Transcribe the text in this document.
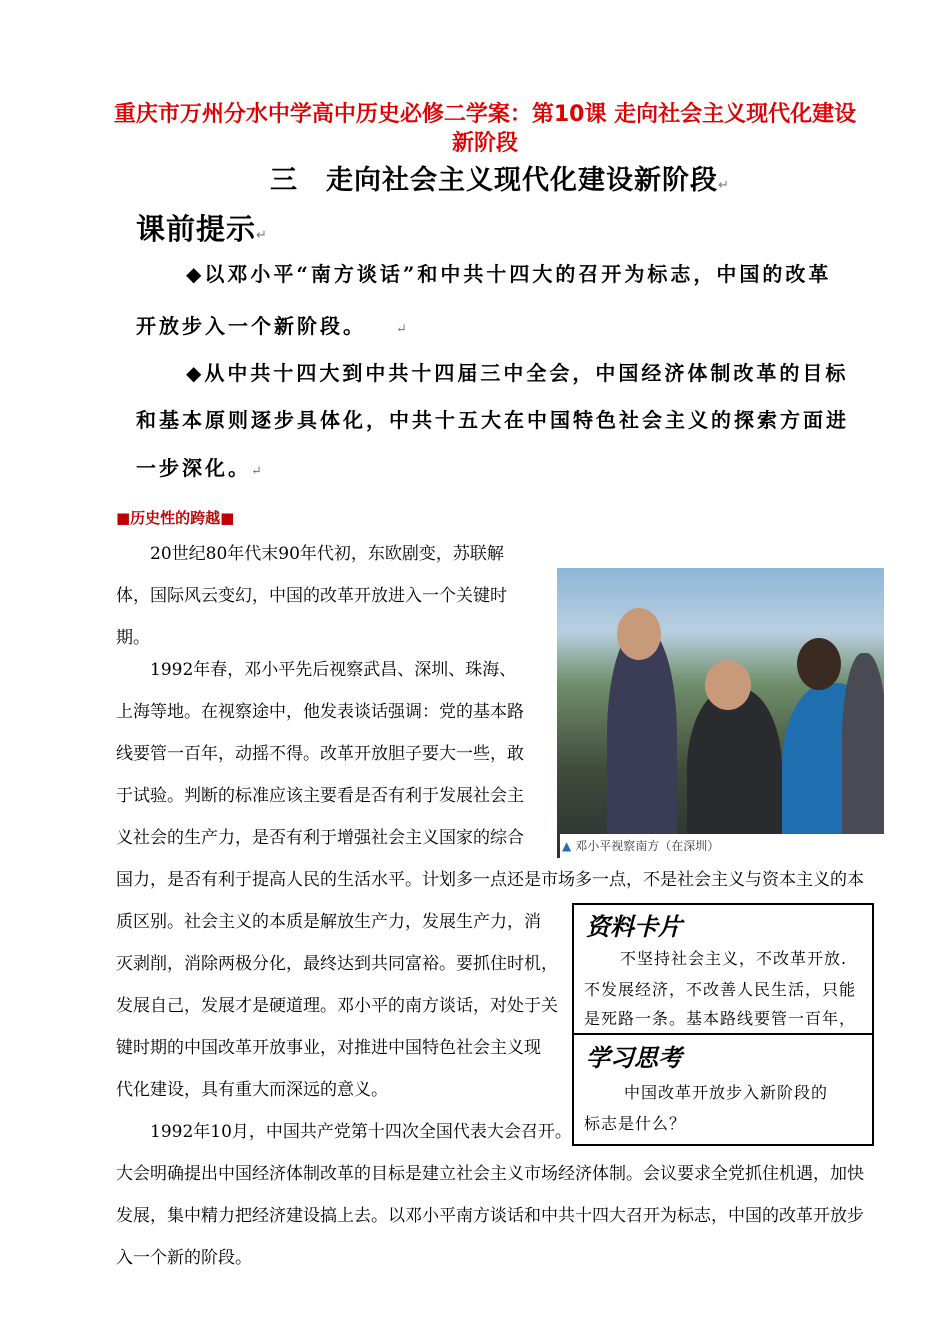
重庆市万州分水中学高中历史必修二学案：第10课 走向社会主义现代化建设新阶段
三 走向社会主义现代化建设新阶段↵
课前提示↵
◆以邓小平“南方谈话”和中共十四大的召开为标志，中国的改革
开放步入一个新阶段。 ↵
◆从中共十四大到中共十四届三中全会，中国经济体制改革的目标
和基本原则逐步具体化，中共十五大在中国特色社会主义的探索方面进
一步深化。↵
■历史性的跨越■
20世纪80年代末90年代初，东欧剧变，苏联解
体，国际风云变幻，中国的改革开放进入一个关键时
期。
1992年春，邓小平先后视察武昌、深圳、珠海、
上海等地。在视察途中，他发表谈话强调：党的基本路
线要管一百年，动摇不得。改革开放胆子要大一些，敢
于试验。判断的标准应该主要看是否有利于发展社会主
义社会的生产力，是否有利于增强社会主义国家的综合
国力，是否有利于提高人民的生活水平。计划多一点还是市场多一点，不是社会主义与资本主义的本
质区别。社会主义的本质是解放生产力，发展生产力，消
灭剥削，消除两极分化，最终达到共同富裕。要抓住时机，
发展自己，发展才是硬道理。邓小平的南方谈话，对处于关
键时期的中国改革开放事业，对推进中国特色社会主义现
代化建设，具有重大而深远的意义。
1992年10月，中国共产党第十四次全国代表大会召开。
大会明确提出中国经济体制改革的目标是建立社会主义市场经济体制。会议要求全党抓住机遇，加快
发展，集中精力把经济建设搞上去。以邓小平南方谈话和中共十四大召开为标志，中国的改革开放步
入一个新的阶段。
▲ 邓小平视察南方（在深圳）
资料卡片
不坚持社会主义，不改革开放.
不发展经济，不改善人民生活，只能
是死路一条。基本路线要管一百年，
学习思考
中国改革开放步入新阶段的
标志是什么？
